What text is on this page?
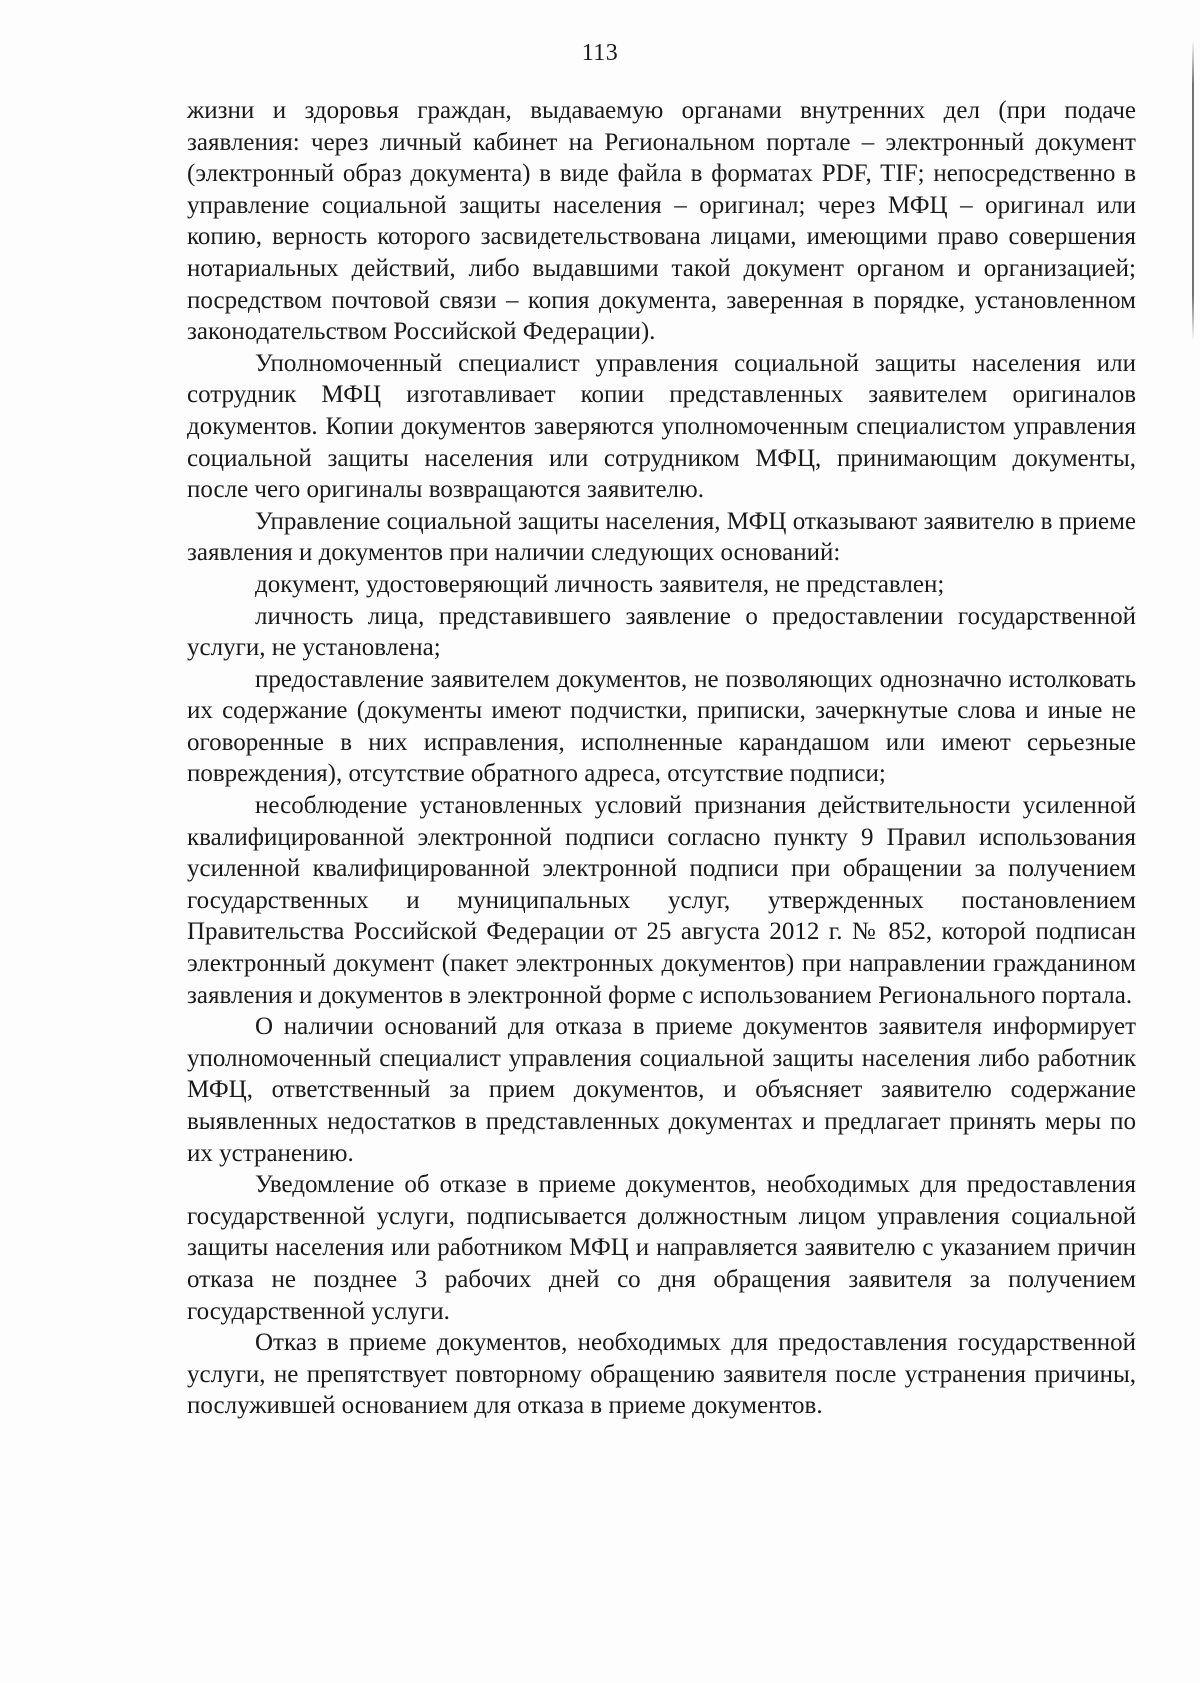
113

жизни и здоровья граждан, выдаваемую органами внутренних дел (при подаче заявления: через личный кабинет на Региональном портале – электронный документ (электронный образ документа) в виде файла в форматах PDF, TIF; непосредственно в управление социальной защиты населения – оригинал; через МФЦ – оригинал или копию, верность которого засвидетельствована лицами, имеющими право совершения нотариальных действий, либо выдавшими такой документ органом и организацией; посредством почтовой связи – копия документа, заверенная в порядке, установленном законодательством Российской Федерации).

Уполномоченный специалист управления социальной защиты населения или сотрудник МФЦ изготавливает копии представленных заявителем оригиналов документов. Копии документов заверяются уполномоченным специалистом управления социальной защиты населения или сотрудником МФЦ, принимающим документы, после чего оригиналы возвращаются заявителю.

Управление социальной защиты населения, МФЦ отказывают заявителю в приеме заявления и документов при наличии следующих оснований:

документ, удостоверяющий личность заявителя, не представлен;

личность лица, представившего заявление о предоставлении государственной услуги, не установлена;

предоставление заявителем документов, не позволяющих однозначно истолковать их содержание (документы имеют подчистки, приписки, зачеркнутые слова и иные не оговоренные в них исправления, исполненные карандашом или имеют серьезные повреждения), отсутствие обратного адреса, отсутствие подписи;

несоблюдение установленных условий признания действительности усиленной квалифицированной электронной подписи согласно пункту 9 Правил использования усиленной квалифицированной электронной подписи при обращении за получением государственных и муниципальных услуг, утвержденных постановлением Правительства Российской Федерации от 25 августа 2012 г. № 852, которой подписан электронный документ (пакет электронных документов) при направлении гражданином заявления и документов в электронной форме с использованием Регионального портала.

О наличии оснований для отказа в приеме документов заявителя информирует уполномоченный специалист управления социальной защиты населения либо работник МФЦ, ответственный за прием документов, и объясняет заявителю содержание выявленных недостатков в представленных документах и предлагает принять меры по их устранению.

Уведомление об отказе в приеме документов, необходимых для предоставления государственной услуги, подписывается должностным лицом управления социальной защиты населения или работником МФЦ и направляется заявителю с указанием причин отказа не позднее 3 рабочих дней со дня обращения заявителя за получением государственной услуги.

Отказ в приеме документов, необходимых для предоставления государственной услуги, не препятствует повторному обращению заявителя после устранения причины, послужившей основанием для отказа в приеме документов.
